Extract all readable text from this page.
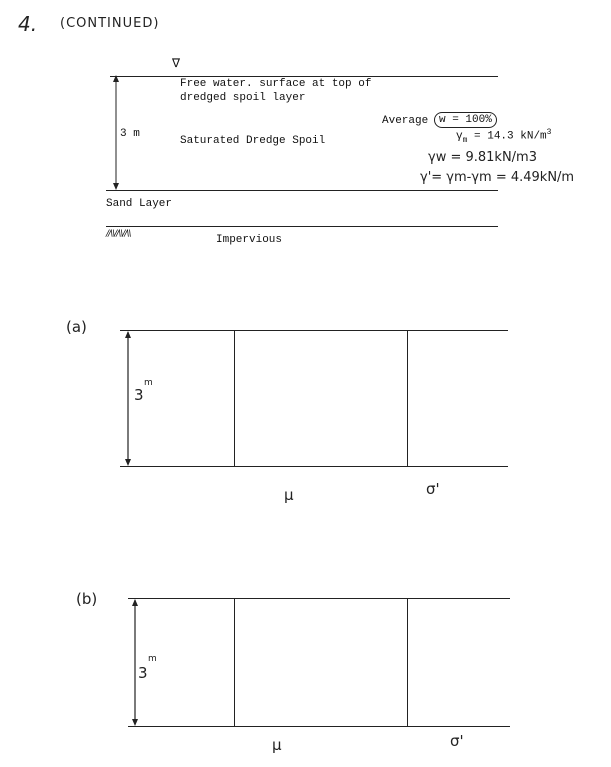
4. (CONTINUED)
∇
Free water. surface at top of
dredged spoil layer
3 m
Saturated Dredge Spoil
Average w = 100%
$\gamma_m = 14.3$ $kN/m^3$
γw = 9.81kN/m3
γ'= γm-γm = 4.49kN/m
Sand Layer
//\\//\\//\\	Impervious
(a)
3
m
μ	σ'
(b)
3
m
μ	σ'
